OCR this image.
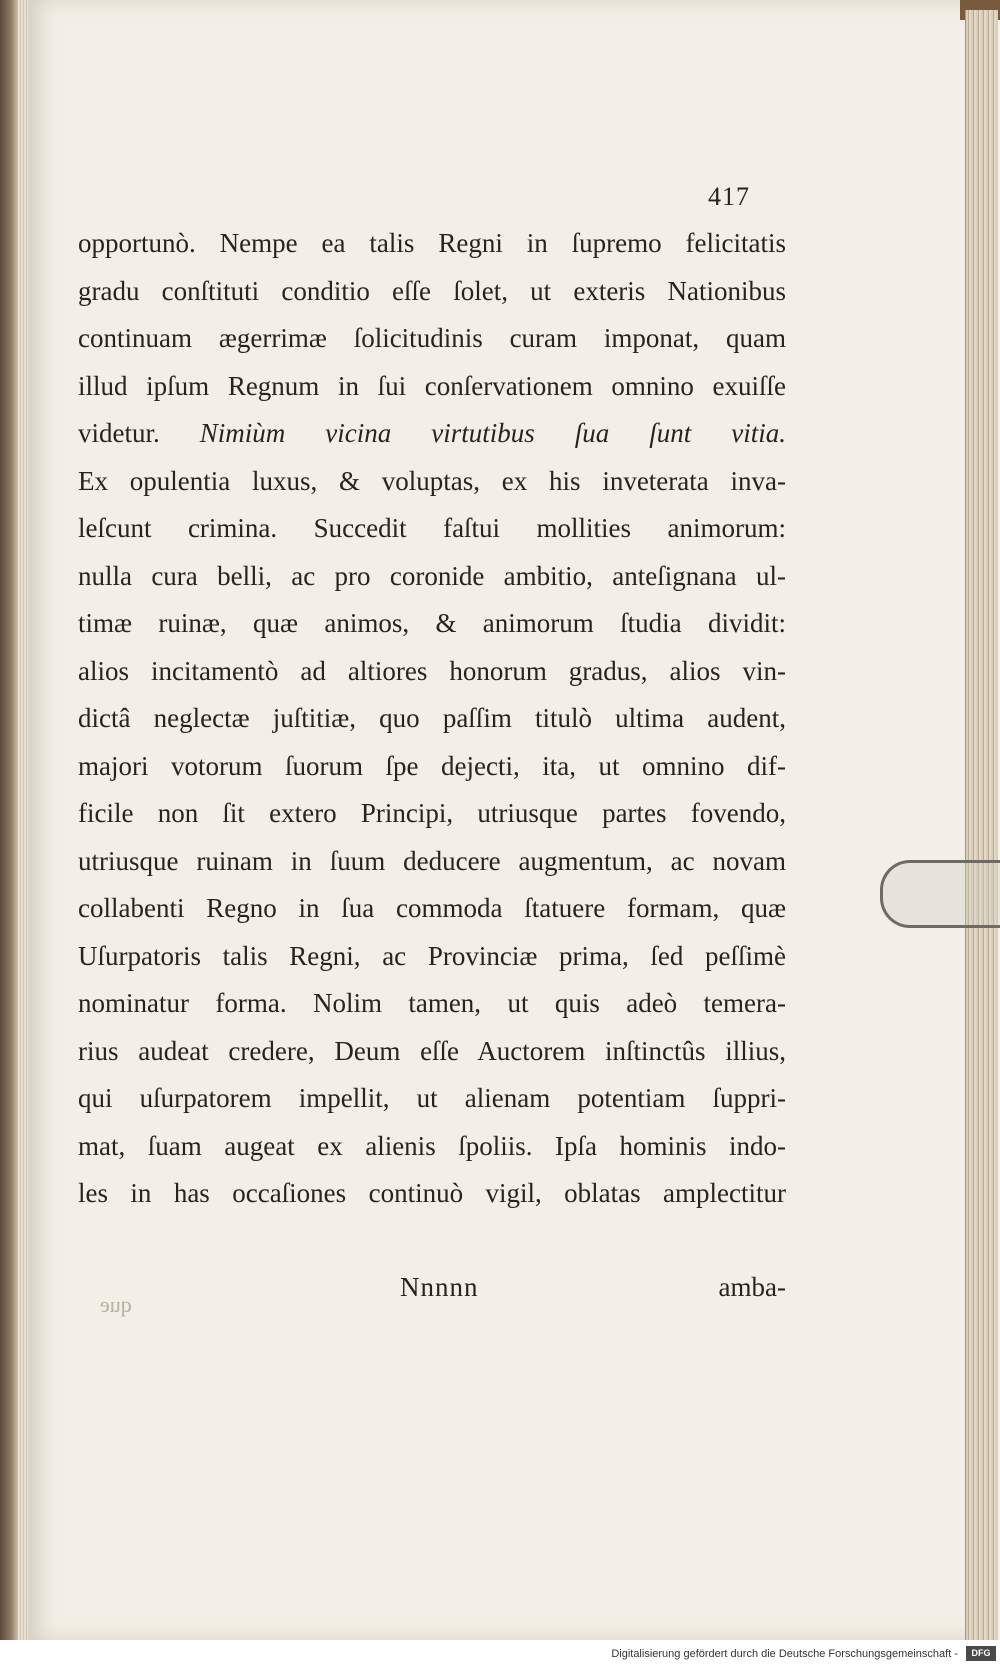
417
opportunò. Nempe ea talis Regni in ſupremo felicitatis
gradu conſtituti conditio eſſe ſolet, ut exteris Nationibus
continuam ægerrimæ ſolicitudinis curam imponat, quam
illud ipſum Regnum in ſui conſervationem omnino exuiſſe
videtur. Nimiùm vicina virtutibus ſua ſunt vitia.
Ex opulentia luxus, & voluptas, ex his inveterata inva-
leſcunt crimina. Succedit faſtui mollities animorum:
nulla cura belli, ac pro coronide ambitio, anteſignana ul-
timæ ruinæ, quæ animos, & animorum ſtudia dividit:
alios incitamentò ad altiores honorum gradus, alios vin-
dictâ neglectæ juſtitiæ, quo paſſim titulò ultima audent,
majori votorum ſuorum ſpe dejecti, ita, ut omnino dif-
ficile non ſit extero Principi, utriusque partes fovendo,
utriusque ruinam in ſuum deducere augmentum, ac novam
collabenti Regno in ſua commoda ſtatuere formam, quæ
Uſurpatoris talis Regni, ac Provinciæ prima, ſed peſſimè
nominatur forma. Nolim tamen, ut quis adeò temera-
rius audeat credere, Deum eſſe Auctorem inſtinctûs illius,
qui uſurpatorem impellit, ut alienam potentiam ſuppri-
mat, ſuam augeat ex alienis ſpoliis. Ipſa hominis indo-
les in has occaſiones continuò vigil, oblatas amplectitur
Nnnnn	amba-
que
Digitalisierung gefördert durch die Deutsche Forschungsgemeinschaft -	DFG
